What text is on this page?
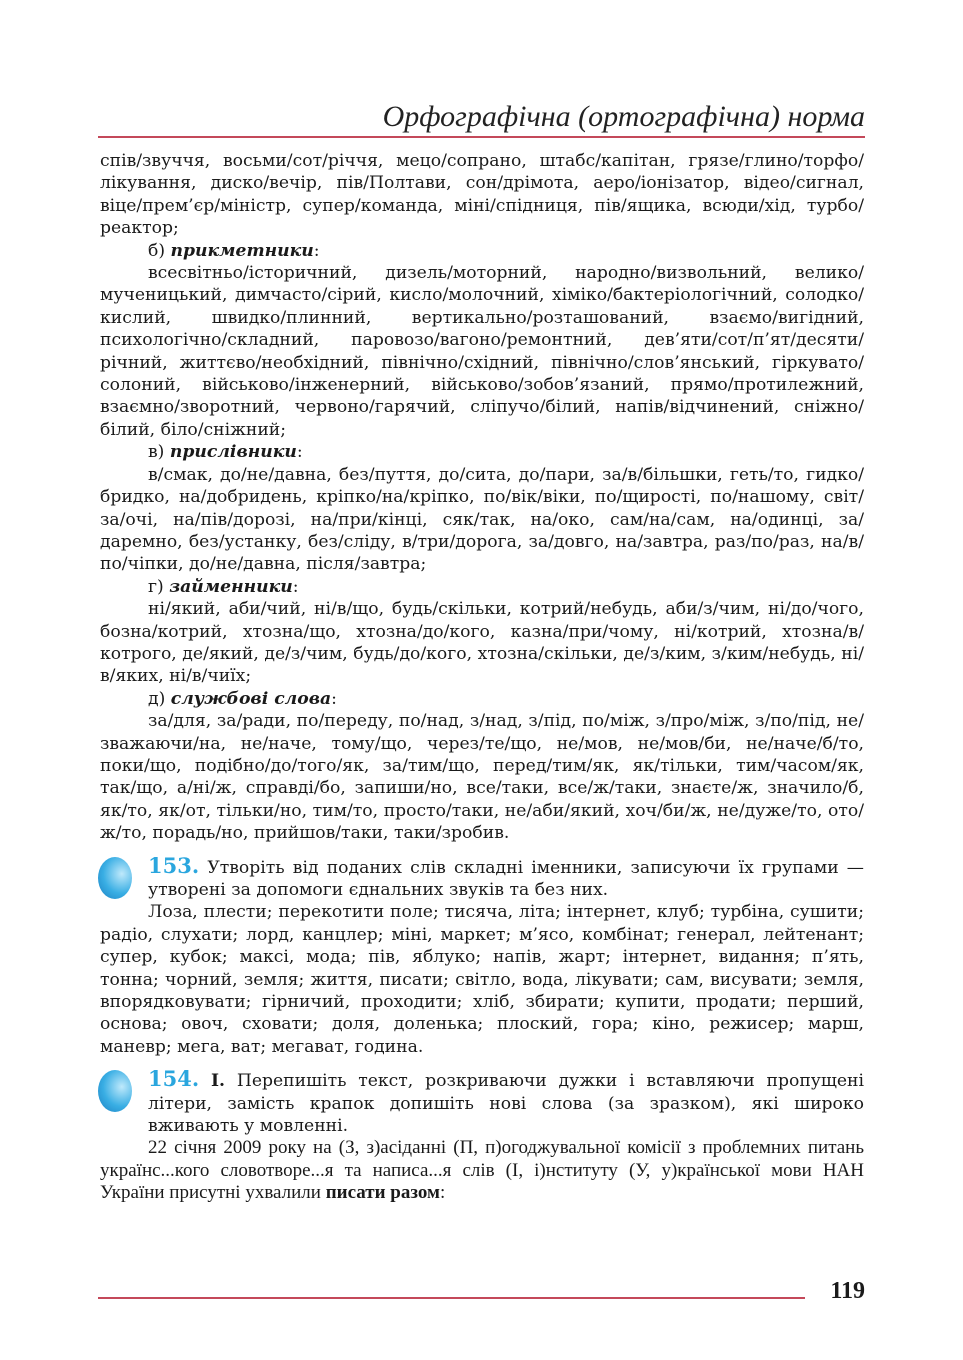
Орфографічна (ортографічна) норма

спів/звуччя, восьми/сот/річчя, мецо/сопрано, штабс/капітан, грязе/глино/торфо/лікування, диско/вечір, пів/Полтави, сон/дрімота, аеро/іонізатор, відео/сигнал, віце/прем’єр/міністр, супер/команда, міні/спідниця, пів/ящика, всюди/хід, турбо/реактор;

б) прикметники:

всесвітньо/історичний, дизель/моторний, народно/визвольний, велико/мученицький, димчасто/сірий, кисло/молочний, хіміко/бактеріологічний, солодко/кислий, швидко/плинний, вертикально/розташований, взаємо/вигідний, психологічно/складний, паровозо/вагоно/ремонтний, дев’яти/сот/п’ят/десяти/річний, життєво/необхідний, північно/східний, північно/слов’янський, гіркувато/солоний, військово/інженерний, військово/зобов’язаний, прямо/протилежний, взаємно/зворотний, червоно/гарячий, сліпучо/білий, напів/відчинений, сніжно/білий, біло/сніжний;

в) прислівники:

в/смак, до/не/давна, без/пуття, до/сита, до/пари, за/в/більшки, геть/то, гидко/бридко, на/добридень, кріпко/на/кріпко, по/вік/віки, по/щирості, по/нашому, світ/за/очі, на/пів/дорозі, на/при/кінці, сяк/так, на/око, сам/на/сам, на/одинці, за/даремно, без/устанку, без/сліду, в/три/дорога, за/довго, на/завтра, раз/по/раз, на/в/по/чіпки, до/не/давна, після/завтра;

г) займенники:

ні/який, аби/чий, ні/в/що, будь/скільки, котрий/небудь, аби/з/чим, ні/до/чого, бозна/котрий, хтозна/що, хтозна/до/кого, казна/при/чому, ні/котрий, хтозна/в/котрого, де/який, де/з/чим, будь/до/кого, хтозна/скільки, де/з/ким, з/ким/небудь, ні/в/яких, ні/в/чиїх;

д) службові слова:

за/для, за/ради, по/переду, по/над, з/над, з/під, по/між, з/про/між, з/по/під, не/зважаючи/на, не/наче, тому/що, через/те/що, не/мов, не/мов/би, не/наче/б/то, поки/що, подібно/до/того/як, за/тим/що, перед/тим/як, як/тільки, тим/часом/як, так/що, а/ні/ж, справді/бо, запиши/но, все/таки, все/ж/таки, знаєте/ж, значило/б, як/то, як/от, тільки/но, тим/то, просто/таки, не/аби/який, хоч/би/ж, не/дуже/то, ото/ж/то, порадь/но, прийшов/таки, таки/зробив.

153. Утворіть від поданих слів складні іменники, записуючи їх групами — утворені за допомоги єднальних звуків та без них.

Лоза, плести; перекотити поле; тисяча, літа; інтернет, клуб; турбіна, сушити; радіо, слухати; лорд, канцлер; міні, маркет; м’ясо, комбінат; генерал, лейтенант; супер, кубок; максі, мода; пів, яблуко; напів, жарт; інтернет, видання; п’ять, тонна; чорний, земля; життя, писати; світло, вода, лікувати; сам, висувати; земля, впорядковувати; гірничий, проходити; хліб, збирати; купити, продати; перший, основа; овоч, сховати; доля, доленька; плоский, гора; кіно, режисер; марш, маневр; мега, ват; мегават, година.

154. І. Перепишіть текст, розкриваючи дужки і вставляючи пропущені літери, замість крапок допишіть нові слова (за зразком), які широко вживають у мовленні.

22 січня 2009 року на (З, з)асіданні (П, п)огоджувальної комісії з проблемних питань українс...кого словотворе...я та написа...я слів (І, і)нституту (У, у)країнської мови НАН України присутні ухвалили писати разом:

119
